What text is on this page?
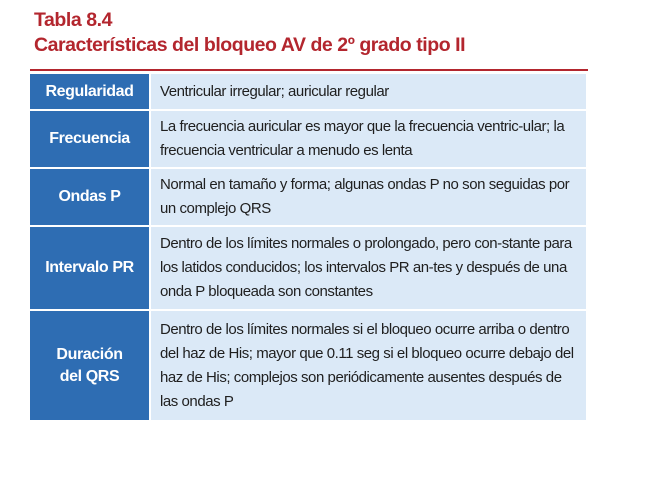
Tabla 8.4
Características del bloqueo AV de 2º grado tipo II
Regularidad	Ventricular irregular; auricular regular
Frecuencia	La frecuencia auricular es mayor que la frecuencia ventric-ular; la frecuencia ventricular a menudo es lenta
Ondas P	Normal en tamaño y forma; algunas ondas P no son seguidas por un complejo QRS
Intervalo PR	Dentro de los límites normales o prolongado, pero con-stante para los latidos conducidos; los intervalos PR an-tes y después de una onda P bloqueada son constantes
Duración del QRS	Dentro de los límites normales si el bloqueo ocurre arriba o dentro del haz de His; mayor que 0.11 seg si el bloqueo ocurre debajo del haz de His; complejos son periódicamente ausentes después de las ondas P
